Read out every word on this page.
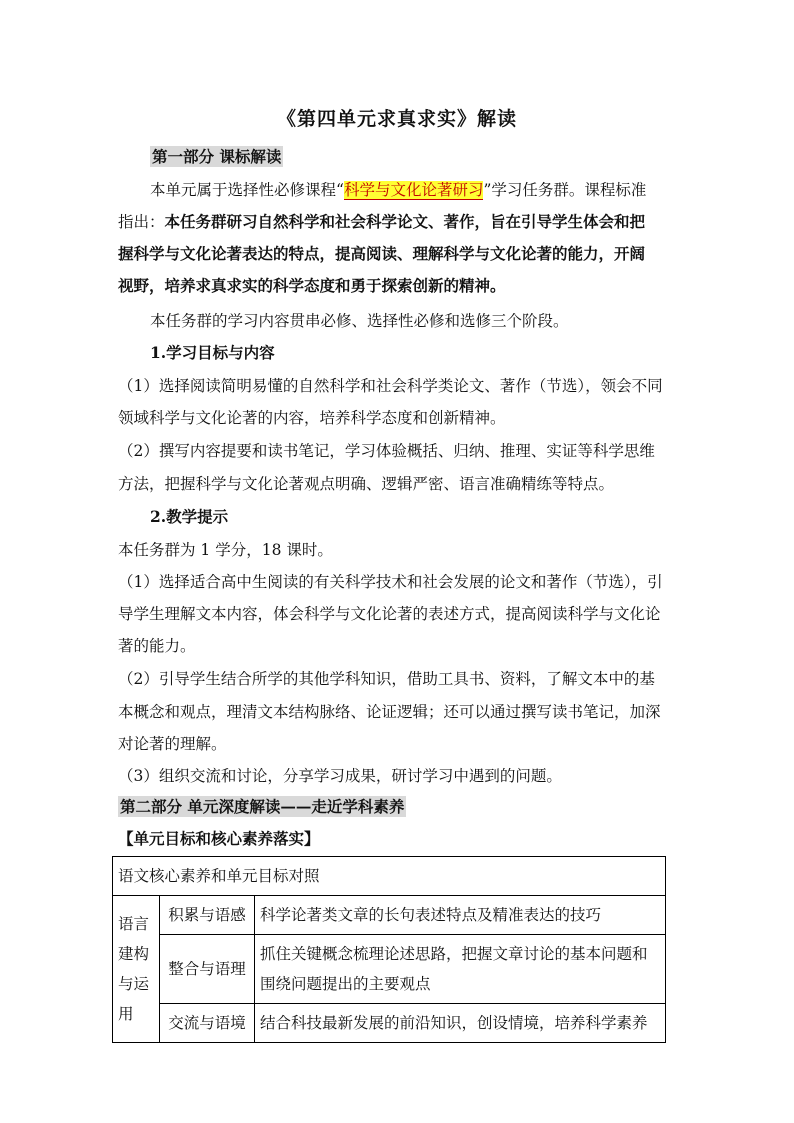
《第四单元求真求实》解读
第一部分 课标解读
本单元属于选择性必修课程“科学与文化论著研习”学习任务群。课程标准
指出：本任务群研习自然科学和社会科学论文、著作，旨在引导学生体会和把
握科学与文化论著表达的特点，提高阅读、理解科学与文化论著的能力，开阔
视野，培养求真求实的科学态度和勇于探索创新的精神。
本任务群的学习内容贯串必修、选择性必修和选修三个阶段。
1.学习目标与内容
（1）选择阅读简明易懂的自然科学和社会科学类论文、著作（节选），领会不同
领域科学与文化论著的内容，培养科学态度和创新精神。
（2）撰写内容提要和读书笔记，学习体验概括、归纳、推理、实证等科学思维
方法，把握科学与文化论著观点明确、逻辑严密、语言准确精练等特点。
2.教学提示
本任务群为 1 学分，18 课时。
（1）选择适合高中生阅读的有关科学技术和社会发展的论文和著作（节选），引
导学生理解文本内容，体会科学与文化论著的表述方式，提高阅读科学与文化论
著的能力。
（2）引导学生结合所学的其他学科知识，借助工具书、资料，了解文本中的基
本概念和观点，理清文本结构脉络、论证逻辑；还可以通过撰写读书笔记，加深
对论著的理解。
（3）组织交流和讨论，分享学习成果，研讨学习中遇到的问题。
第二部分 单元深度解读——走近学科素养
【单元目标和核心素养落实】
语文核心素养和单元目标对照		

语言
建构
与运
用	积累与语感	科学论著类文章的长句表述特点及精准表达的技巧
	整合与语理	抓住关键概念梳理论述思路，把握文章讨论的基本问题和
围绕问题提出的主要观点

	交流与语境	结合科技最新发展的前沿知识，创设情境，培养科学素养
